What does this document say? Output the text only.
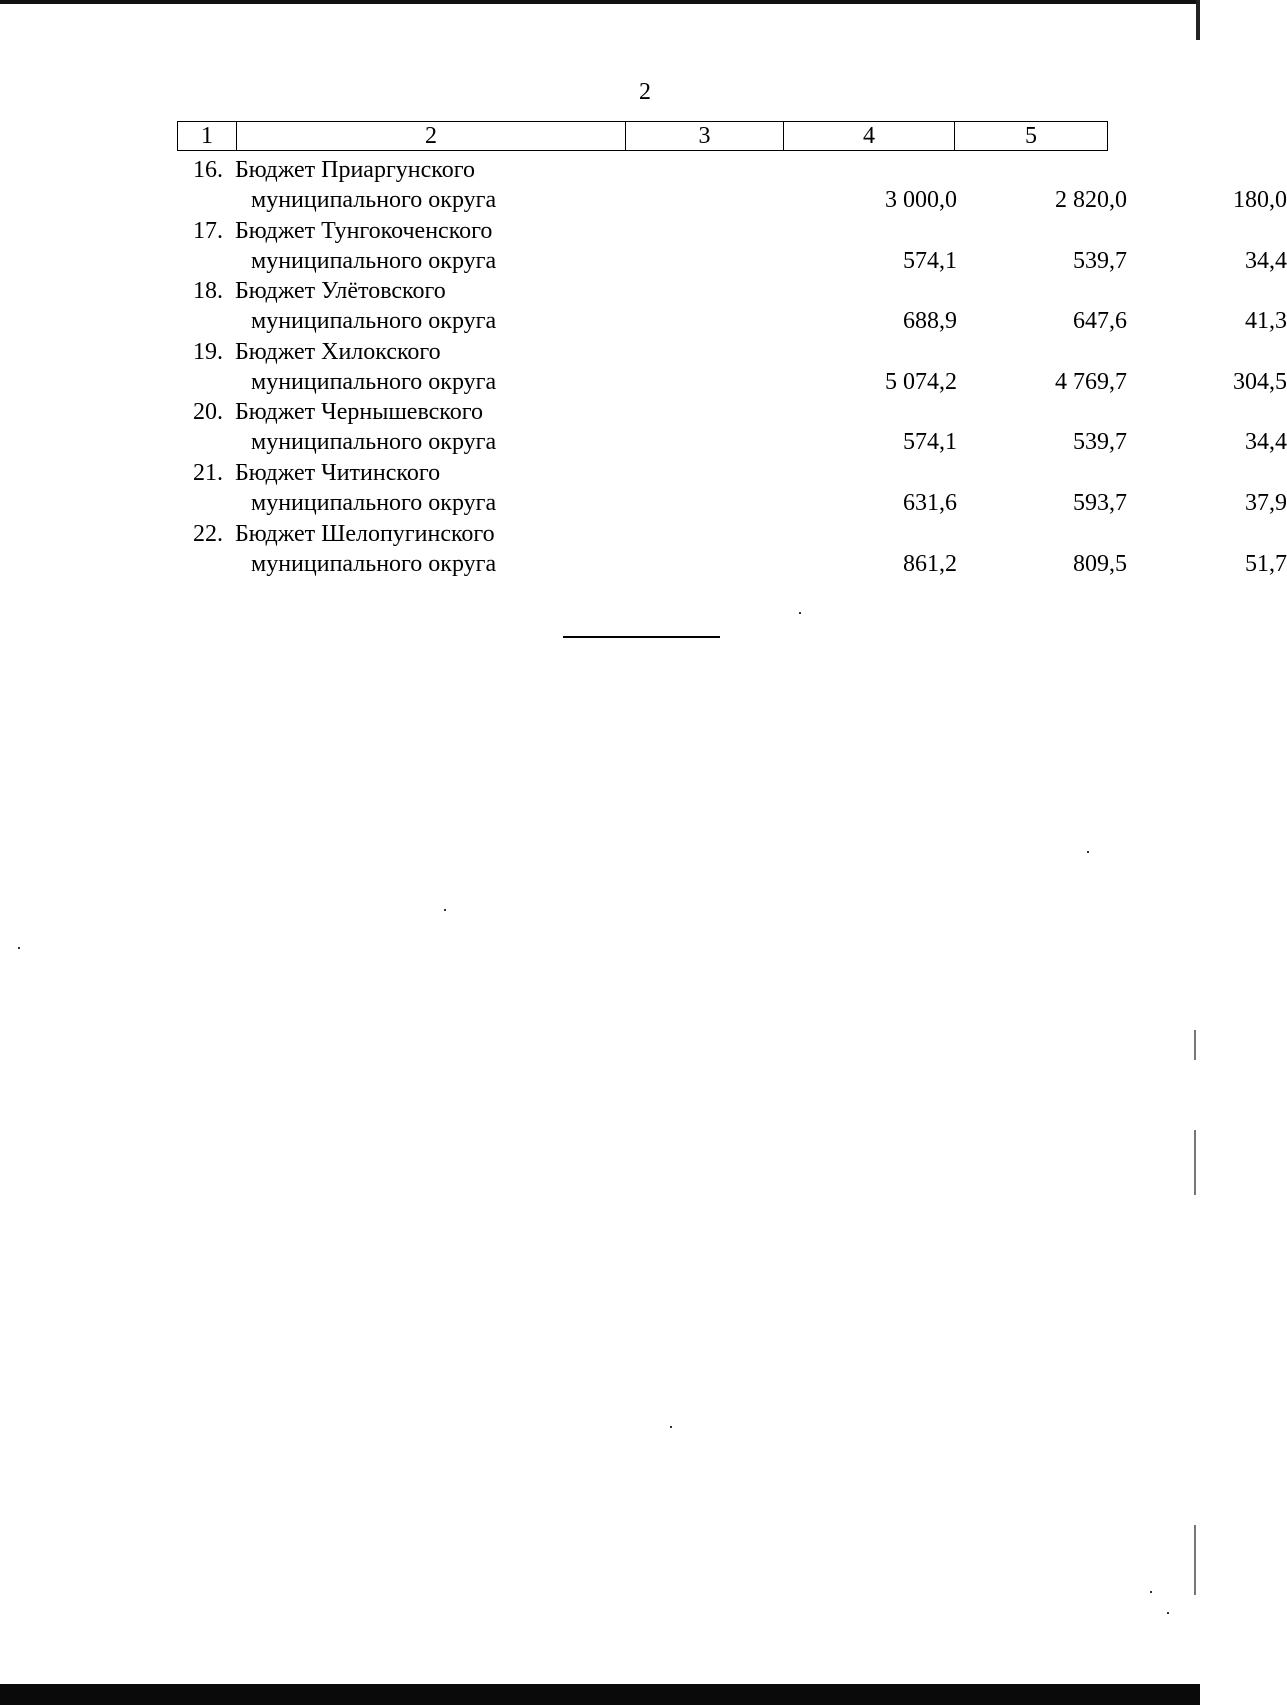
2
1	2	3	4	5
16. Бюджет Приаргунского
муниципального округа	3 000,0	2 820,0	180,0
17. Бюджет Тунгокоченского
муниципального округа	574,1	539,7	34,4
18. Бюджет Улётовского
муниципального округа	688,9	647,6	41,3
19. Бюджет Хилокского
муниципального округа	5 074,2	4 769,7	304,5
20. Бюджет Чернышевского
муниципального округа	574,1	539,7	34,4
21. Бюджет Читинского
муниципального округа	631,6	593,7	37,9
22. Бюджет Шелопугинского
муниципального округа	861,2	809,5	51,7
